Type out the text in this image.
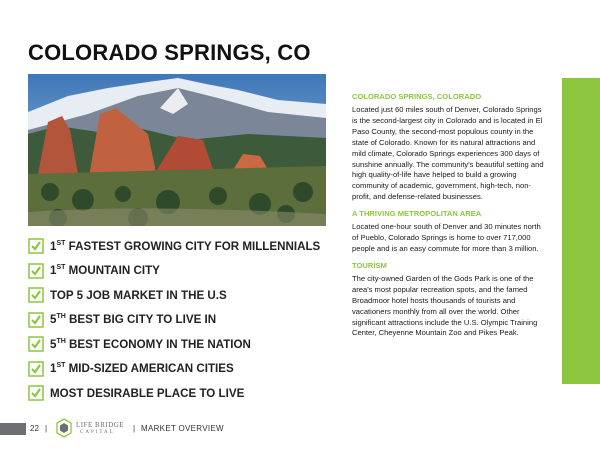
COLORADO SPRINGS, CO
1ST FASTEST GROWING CITY FOR MILLENNIALS
1ST MOUNTAIN CITY
TOP 5 JOB MARKET IN THE U.S
5TH BEST BIG CITY TO LIVE IN
5TH BEST ECONOMY IN THE NATION
1ST MID-SIZED AMERICAN CITIES
MOST DESIRABLE PLACE TO LIVE
COLORADO SPRINGS, COLORADO
Located just 60 miles south of Denver, Colorado Springs is the second-largest city in Colorado and is located in El Paso County, the second-most populous county in the state of Colorado. Known for its natural attractions and mild climate, Colorado Springs experiences 300 days of sunshine annually. The community's beautiful setting and high quality-of-life have helped to build a growing community of academic, government, high-tech, non-profit, and defense-related businesses.
A THRIVING METROPOLITAN AREA
Located one-hour south of Denver and 30 minutes north of Pueblo, Colorado Springs is home to over 717,000 people and is an easy commute for more than 3 million.
TOURISM
The city-owned Garden of the Gods Park is one of the area's most popular recreation spots, and the famed Broadmoor hotel hosts thousands of tourists and vacationers monthly from all over the world. Other significant attractions include the U.S. Olympic Training Center, Cheyenne Mountain Zoo and Pikes Peak.
22 |	LIFE BRIDGE
CAPITAL | MARKET OVERVIEW
